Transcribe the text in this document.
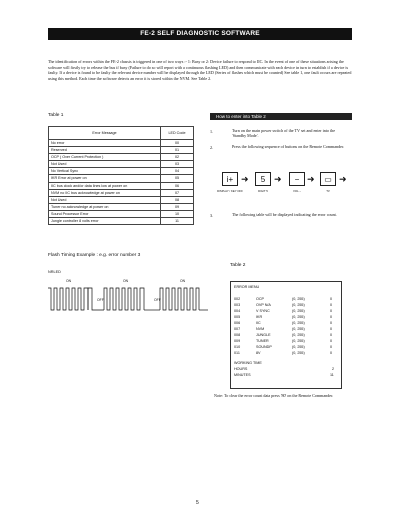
FE-2 SELF DIAGNOSTIC SOFTWARE
The identification of errors within the FE-2 chassis is triggered in one of two ways :- 1: Busy or 2: Device failure to respond to IIC. In the event of one of these situations arising the software will firstly try to release the bus if busy (Failure to do so will report with a continuous flashing LED) and then communicate with each device in turn to establish if a device is faulty. If a device is found to be faulty the relevant device number will be displayed through the LED (Series of flashes which must be counted) See table 1, one fault occurs are repeated using this method. Each time the software detects an error it is stored within the NVM. See Table 2.
Table 1
Error Message	LED Code
No error	00
Reserved	01
OCP ( Over Current Protection )	02
Not Used	03
No Vertical Sync	04
IKR Error at power on	05
IIC bus clock and/or data lines low at power on	06
NVM no IIC bus acknowledge at power on	07
Not Used	08
Tuner no acknowledge at power on	09
Sound Processor Error	10
Jungle controller 8 volts error	11
How to enter into Table 2
1.	Turn on the main power switch of the TV set and enter into the 'Standby Mode'.
2.	Press the following sequence of buttons on the Remote Commander.
i+ ➜	5 ➜	− ➜	▭ ➜
DISPLAY / KEY OFF	DIGIT 5	VOL −	TV
3.	The following table will be displayed indicating the error count.
Flash Timing Example : e.g. error number 3
NRLED
ON	ON	ON
OFF	OFF
Table 2
ERROR MENU
002	OCP	(0, 255)	0
003	OVP N/A	(0, 255)	0
004	V SYNC	(0, 255)	0
005	IKR	(0, 255)	0
006	IIC	(0, 255)	0
007	NVM	(0, 255)	0
008	JUNGLE	(0, 255)	0
009	TUNER	(0, 255)	0
010	SOUNDP	(0, 255)	0
011	8V	(0, 255)	0
WORKING TIME
HOURS	2
MINUTES	11
Note: To clear the error count data press '80' on the Remote Commander.
5
